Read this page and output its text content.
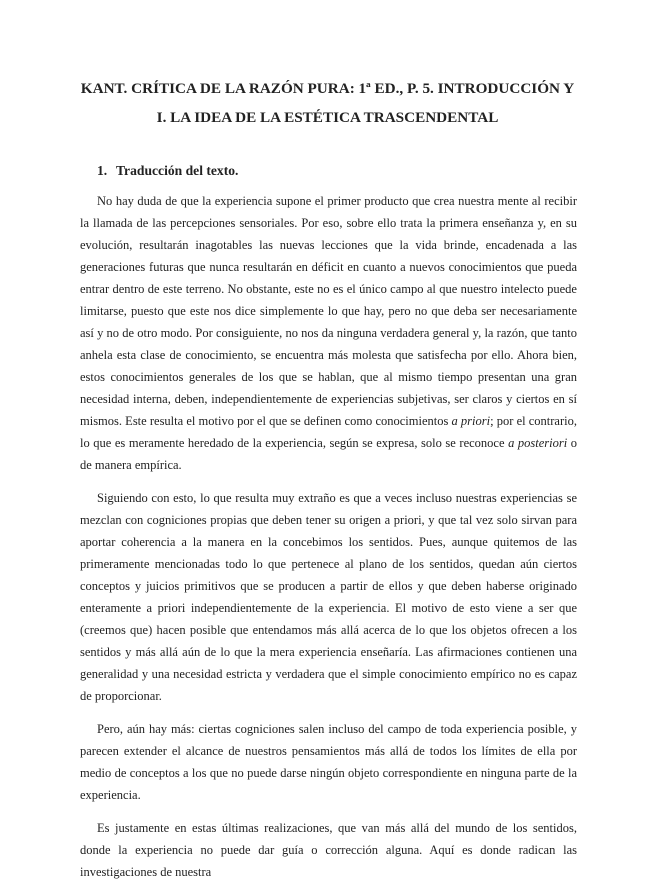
KANT. CRÍTICA DE LA RAZÓN PURA: 1ª ED., P. 5. INTRODUCCIÓN Y
I. LA IDEA DE LA ESTÉTICA TRASCENDENTAL
1. Traducción del texto.

No hay duda de que la experiencia supone el primer producto que crea nuestra mente al recibir la llamada de las percepciones sensoriales. Por eso, sobre ello trata la primera enseñanza y, en su evolución, resultarán inagotables las nuevas lecciones que la vida brinde, encadenada a las generaciones futuras que nunca resultarán en déficit en cuanto a nuevos conocimientos que pueda entrar dentro de este terreno. No obstante, este no es el único campo al que nuestro intelecto puede limitarse, puesto que este nos dice simplemente lo que hay, pero no que deba ser necesariamente así y no de otro modo. Por consiguiente, no nos da ninguna verdadera general y, la razón, que tanto anhela esta clase de conocimiento, se encuentra más molesta que satisfecha por ello. Ahora bien, estos conocimientos generales de los que se hablan, que al mismo tiempo presentan una gran necesidad interna, deben, independientemente de experiencias subjetivas, ser claros y ciertos en sí mismos. Este resulta el motivo por el que se definen como conocimientos a priori; por el contrario, lo que es meramente heredado de la experiencia, según se expresa, solo se reconoce a posteriori o de manera empírica.

Siguiendo con esto, lo que resulta muy extraño es que a veces incluso nuestras experiencias se mezclan con cogniciones propias que deben tener su origen a priori, y que tal vez solo sirvan para aportar coherencia a la manera en la concebimos los sentidos. Pues, aunque quitemos de las primeramente mencionadas todo lo que pertenece al plano de los sentidos, quedan aún ciertos conceptos y juicios primitivos que se producen a partir de ellos y que deben haberse originado enteramente a priori independientemente de la experiencia. El motivo de esto viene a ser que (creemos que) hacen posible que entendamos más allá acerca de lo que los objetos ofrecen a los sentidos y más allá aún de lo que la mera experiencia enseñaría. Las afirmaciones contienen una generalidad y una necesidad estricta y verdadera que el simple conocimiento empírico no es capaz de proporcionar.

Pero, aún hay más: ciertas cogniciones salen incluso del campo de toda experiencia posible, y parecen extender el alcance de nuestros pensamientos más allá de todos los límites de ella por medio de conceptos a los que no puede darse ningún objeto correspondiente en ninguna parte de la experiencia.

Es justamente en estas últimas realizaciones, que van más allá del mundo de los sentidos, donde la experiencia no puede dar guía o corrección alguna. Aquí es donde radican las investigaciones de nuestra
